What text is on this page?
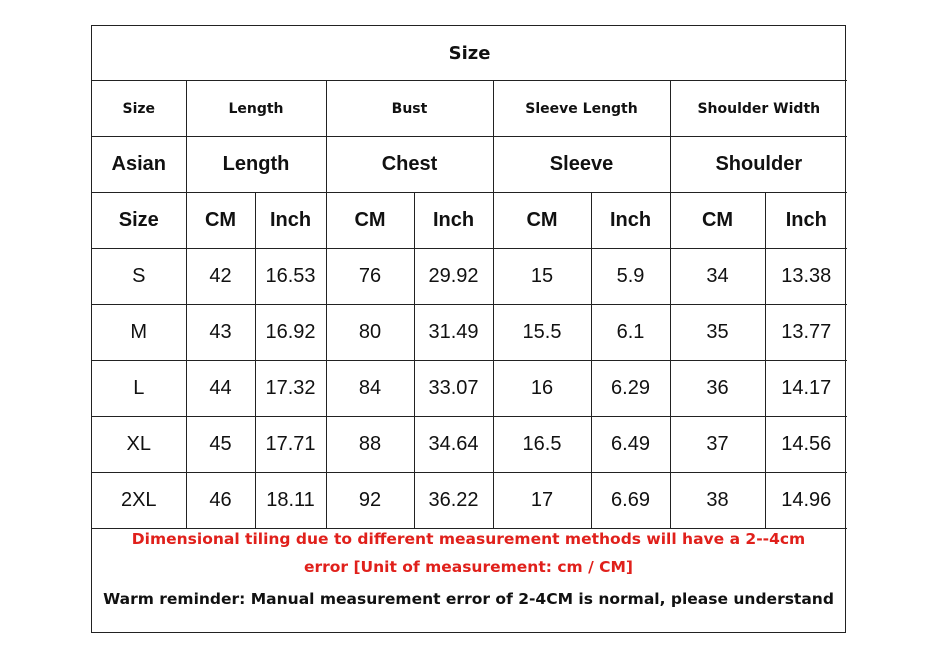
Size								
Size	Length		Bust		Sleeve Length		Shoulder Width	
Asian	Length		Chest		Sleeve		Shoulder	
Size	CM	Inch	CM	Inch	CM	Inch	CM	Inch
S	42	16.53	76	29.92	15	5.9	34	13.38
M	43	16.92	80	31.49	15.5	6.1	35	13.77
L	44	17.32	84	33.07	16	6.29	36	14.17
XL	45	17.71	88	34.64	16.5	6.49	37	14.56
2XL	46	18.11	92	36.22	17	6.69	38	14.96
Dimensional tiling due to different measurement methods will have a 2--4cm error [Unit of measurement: cm / CM]
Warm reminder: Manual measurement error of 2-4CM is normal, please understand
